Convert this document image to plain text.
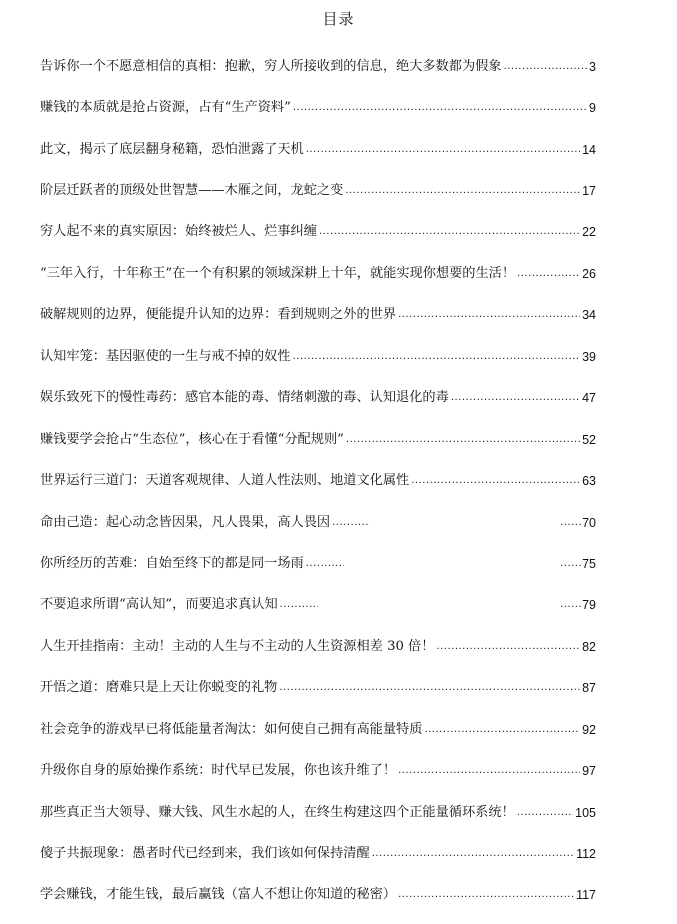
目录
告诉你一个不愿意相信的真相：抱歉，穷人所接收到的信息，绝大多数都为假象 .....	3
赚钱的本质就是抢占资源，占有“生产资料” .....	9
此文，揭示了底层翻身秘籍，恐怕泄露了天机 .....	14
阶层迁跃者的顶级处世智慧——木雁之间，龙蛇之变 .....	17
穷人起不来的真实原因：始终被烂人、烂事纠缠 .....	22
“三年入行，十年称王”在一个有积累的领域深耕上十年，就能实现你想要的生活！ .....	26
破解规则的边界，便能提升认知的边界：看到规则之外的世界 .....	34
认知牢笼：基因驱使的一生与戒不掉的奴性 .....	39
娱乐致死下的慢性毒药：感官本能的毒、情绪刺激的毒、认知退化的毒 .....	47
赚钱要学会抢占“生态位”，核心在于看懂“分配规则” .....	52
世界运行三道门：天道客观规律、人道人性法则、地道文化属性 .....	63
命由己造：起心动念皆因果，凡人畏果，高人畏因 ..... ........	70
你所经历的苦难：自始至终下的都是同一场雨 ..... ........	75
不要追求所谓“高认知”，而要追求真认知 ..... ........	79
人生开挂指南：主动！主动的人生与不主动的人生资源相差 30 倍！ .....	82
开悟之道：磨难只是上天让你蜕变的礼物 .....	87
社会竞争的游戏早已将低能量者淘汰：如何使自己拥有高能量特质 .....	92
升级你自身的原始操作系统：时代早已发展，你也该升维了！ .....	97
那些真正当大领导、赚大钱、风生水起的人，在终生构建这四个正能量循环系统！ .....	105
傻子共振现象：愚者时代已经到来，我们该如何保持清醒 .....	112
学会赚钱，才能生钱，最后赢钱（富人不想让你知道的秘密） .....	117
